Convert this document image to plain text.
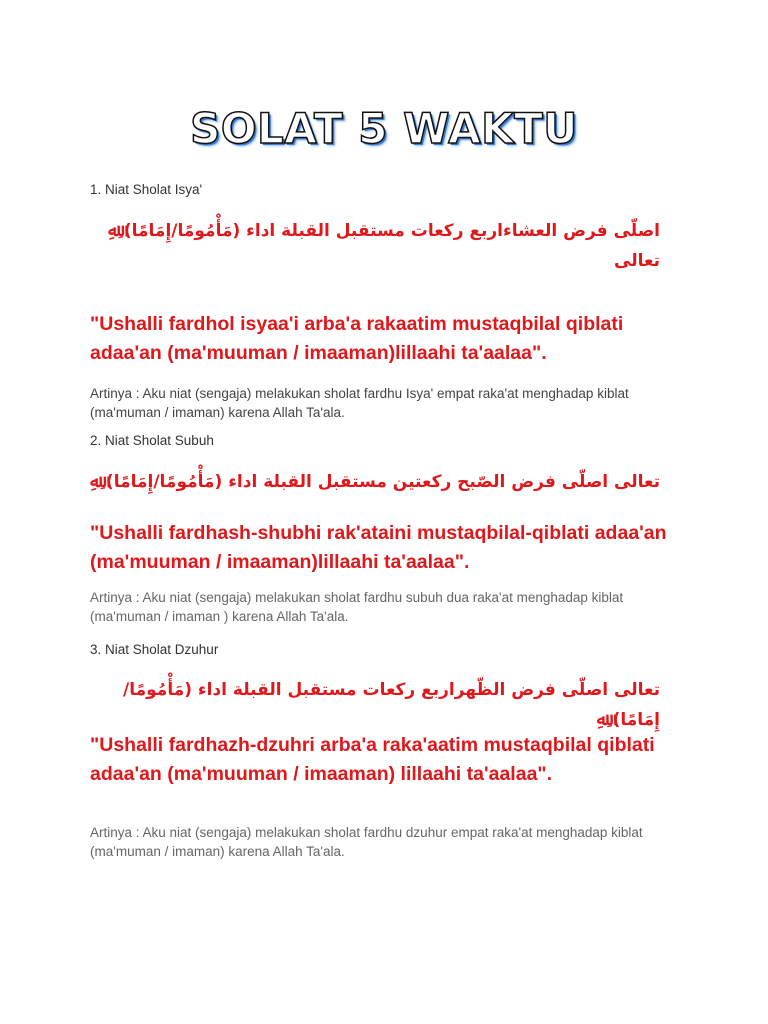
SOLAT 5 WAKTU
1. Niat Sholat Isya'
اصلّى فرض العشاءاربع ركعات مستقبل القبلة اداء (مَأْمُومًا/إِمَامًا) ِﷲِ تعالى
"Ushalli fardhol isyaa'i arba'a rakaatim mustaqbilal qiblati adaa'an (ma'muuman / imaaman)lillaahi ta'aalaa".
Artinya : Aku niat (sengaja) melakukan sholat fardhu Isya' empat raka'at menghadap kiblat (ma'muman / imaman) karena Allah Ta'ala.
2. Niat Sholat Subuh
تعالى اصلّى فرض الصّبح ركعتين مستقبل القبلة اداء (مَأْمُومًا/إِمَامًا) ِﷲِ
"Ushalli fardhash-shubhi rak'ataini mustaqbilal-qiblati adaa'an (ma'muuman / imaaman)lillaahi ta'aalaa".
Artinya : Aku niat (sengaja) melakukan sholat fardhu subuh dua raka'at menghadap kiblat (ma'muman / imaman ) karena Allah Ta'ala.
3. Niat Sholat Dzuhur
تعالى اصلّى فرض الظّهراربع ركعات مستقبل القبلة اداء (مَأْمُومًا/إِمَامًا) ِﷲِ
"Ushalli fardhazh-dzuhri arba'a raka'aatim mustaqbilal qiblati adaa'an (ma'muuman / imaaman) lillaahi ta'aalaa".
Artinya : Aku niat (sengaja) melakukan sholat fardhu dzuhur empat raka'at menghadap kiblat (ma'muman / imaman) karena Allah Ta'ala.
